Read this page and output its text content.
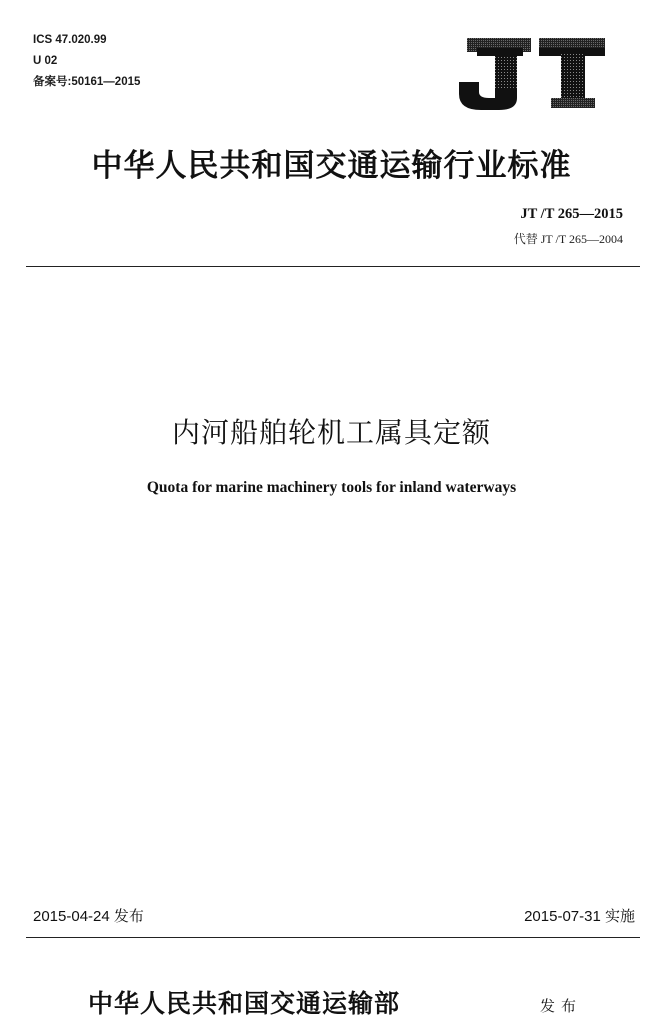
ICS 47.020.99
U 02
备案号:50161—2015
中华人民共和国交通运输行业标准
JT /T 265—2015
代替 JT /T 265—2004
内河船舶轮机工属具定额
Quota for marine machinery tools for inland waterways
2015-04-24 发布	2015-07-31 实施
中华人民共和国交通运输部	发布
